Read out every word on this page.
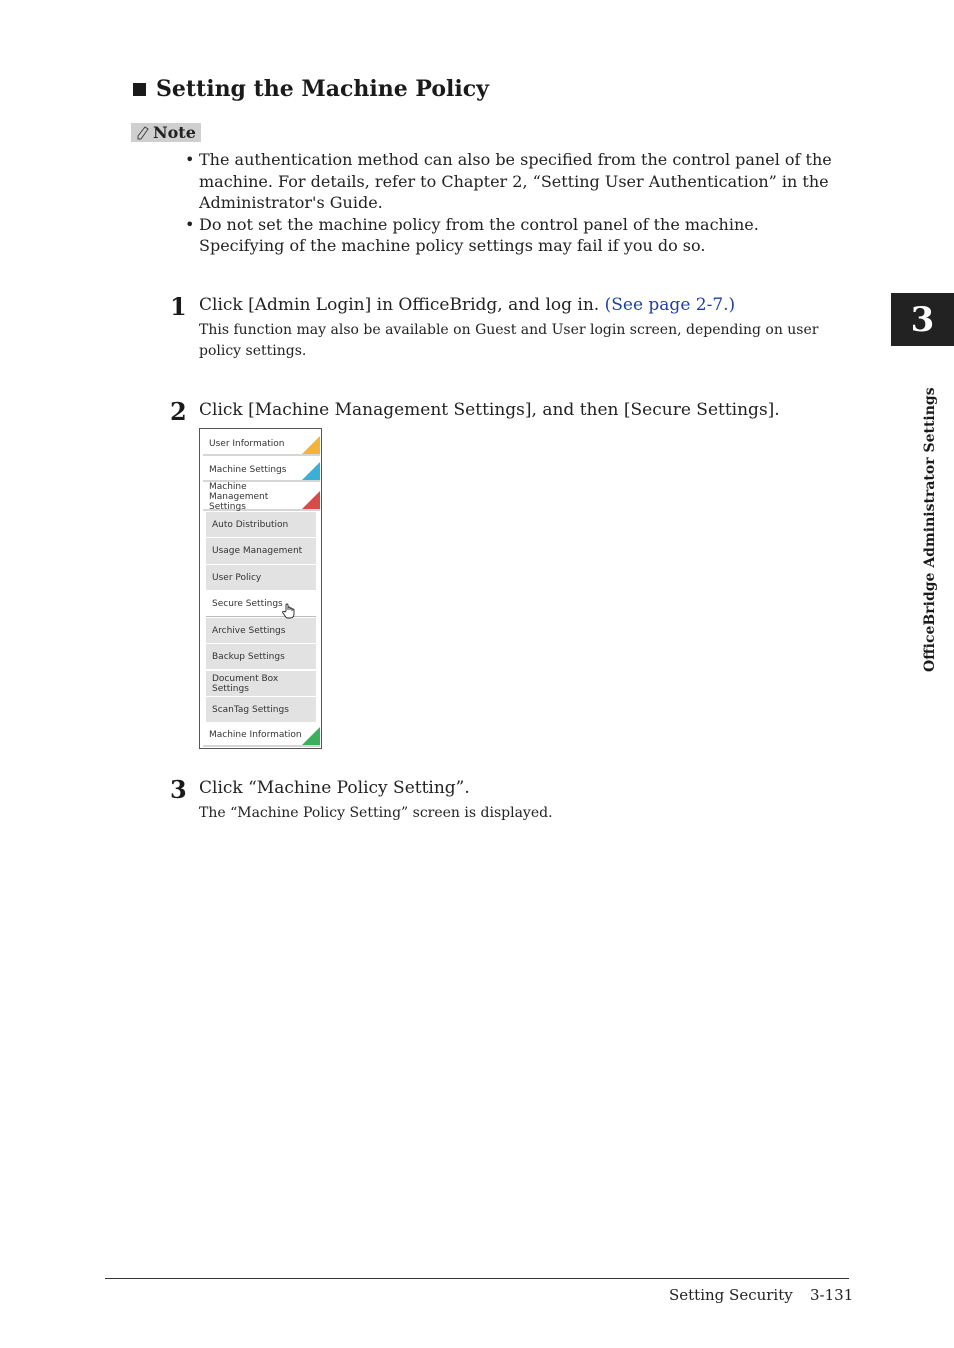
Setting the Machine Policy
Note

• The authentication method can also be specified from the control panel of the machine. For details, refer to Chapter 2, “Setting User Authentication” in the Administrator's Guide.

• Do not set the machine policy from the control panel of the machine. Specifying of the machine policy settings may fail if you do so.

1 Click [Admin Login] in OfficeBridg, and log in. (See page 2-7.)
This function may also be available on Guest and User login screen, depending on user policy settings.
2 Click [Machine Management Settings], and then [Secure Settings].
User Information
Machine Settings
Machine Management Settings
Auto Distribution
Usage Management
User Policy
Secure Settings
Archive Settings
Backup Settings
Document Box Settings
ScanTag Settings
Machine Information
3 Click “Machine Policy Setting”.
The “Machine Policy Setting” screen is displayed.
3
OfficeBridge Administrator Settings
Setting Security 3-131
